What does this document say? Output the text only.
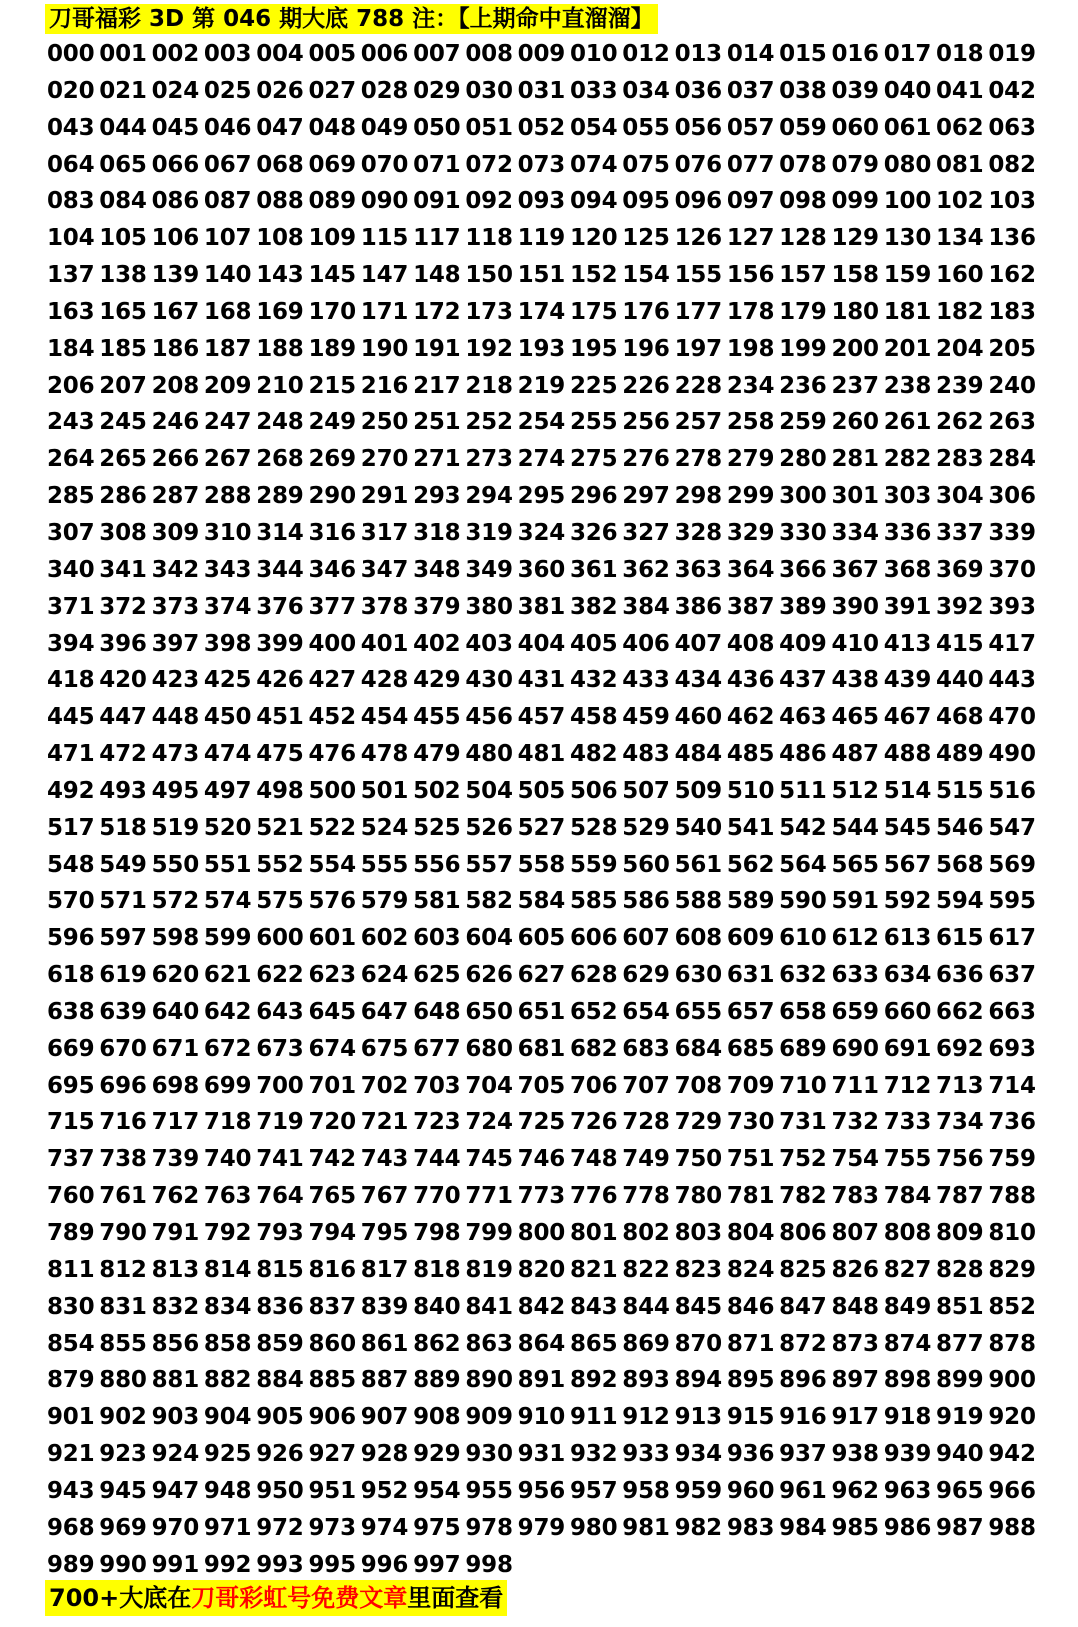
刀哥福彩 3D 第 046 期大底 788 注：【上期命中直溜溜】
000 001 002 003 004 005 006 007 008 009 010 012 013 014 015 016 017 018 019
020 021 024 025 026 027 028 029 030 031 033 034 036 037 038 039 040 041 042
043 044 045 046 047 048 049 050 051 052 054 055 056 057 059 060 061 062 063
064 065 066 067 068 069 070 071 072 073 074 075 076 077 078 079 080 081 082
083 084 086 087 088 089 090 091 092 093 094 095 096 097 098 099 100 102 103
104 105 106 107 108 109 115 117 118 119 120 125 126 127 128 129 130 134 136
137 138 139 140 143 145 147 148 150 151 152 154 155 156 157 158 159 160 162
163 165 167 168 169 170 171 172 173 174 175 176 177 178 179 180 181 182 183
184 185 186 187 188 189 190 191 192 193 195 196 197 198 199 200 201 204 205
206 207 208 209 210 215 216 217 218 219 225 226 228 234 236 237 238 239 240
243 245 246 247 248 249 250 251 252 254 255 256 257 258 259 260 261 262 263
264 265 266 267 268 269 270 271 273 274 275 276 278 279 280 281 282 283 284
285 286 287 288 289 290 291 293 294 295 296 297 298 299 300 301 303 304 306
307 308 309 310 314 316 317 318 319 324 326 327 328 329 330 334 336 337 339
340 341 342 343 344 346 347 348 349 360 361 362 363 364 366 367 368 369 370
371 372 373 374 376 377 378 379 380 381 382 384 386 387 389 390 391 392 393
394 396 397 398 399 400 401 402 403 404 405 406 407 408 409 410 413 415 417
418 420 423 425 426 427 428 429 430 431 432 433 434 436 437 438 439 440 443
445 447 448 450 451 452 454 455 456 457 458 459 460 462 463 465 467 468 470
471 472 473 474 475 476 478 479 480 481 482 483 484 485 486 487 488 489 490
492 493 495 497 498 500 501 502 504 505 506 507 509 510 511 512 514 515 516
517 518 519 520 521 522 524 525 526 527 528 529 540 541 542 544 545 546 547
548 549 550 551 552 554 555 556 557 558 559 560 561 562 564 565 567 568 569
570 571 572 574 575 576 579 581 582 584 585 586 588 589 590 591 592 594 595
596 597 598 599 600 601 602 603 604 605 606 607 608 609 610 612 613 615 617
618 619 620 621 622 623 624 625 626 627 628 629 630 631 632 633 634 636 637
638 639 640 642 643 645 647 648 650 651 652 654 655 657 658 659 660 662 663
669 670 671 672 673 674 675 677 680 681 682 683 684 685 689 690 691 692 693
695 696 698 699 700 701 702 703 704 705 706 707 708 709 710 711 712 713 714
715 716 717 718 719 720 721 723 724 725 726 728 729 730 731 732 733 734 736
737 738 739 740 741 742 743 744 745 746 748 749 750 751 752 754 755 756 759
760 761 762 763 764 765 767 770 771 773 776 778 780 781 782 783 784 787 788
789 790 791 792 793 794 795 798 799 800 801 802 803 804 806 807 808 809 810
811 812 813 814 815 816 817 818 819 820 821 822 823 824 825 826 827 828 829
830 831 832 834 836 837 839 840 841 842 843 844 845 846 847 848 849 851 852
854 855 856 858 859 860 861 862 863 864 865 869 870 871 872 873 874 877 878
879 880 881 882 884 885 887 889 890 891 892 893 894 895 896 897 898 899 900
901 902 903 904 905 906 907 908 909 910 911 912 913 915 916 917 918 919 920
921 923 924 925 926 927 928 929 930 931 932 933 934 936 937 938 939 940 942
943 945 947 948 950 951 952 954 955 956 957 958 959 960 961 962 963 965 966
968 969 970 971 972 973 974 975 978 979 980 981 982 983 984 985 986 987 988
989 990 991 992 993 995 996 997 998
700+大底在刀哥彩虹号免费文章里面查看
